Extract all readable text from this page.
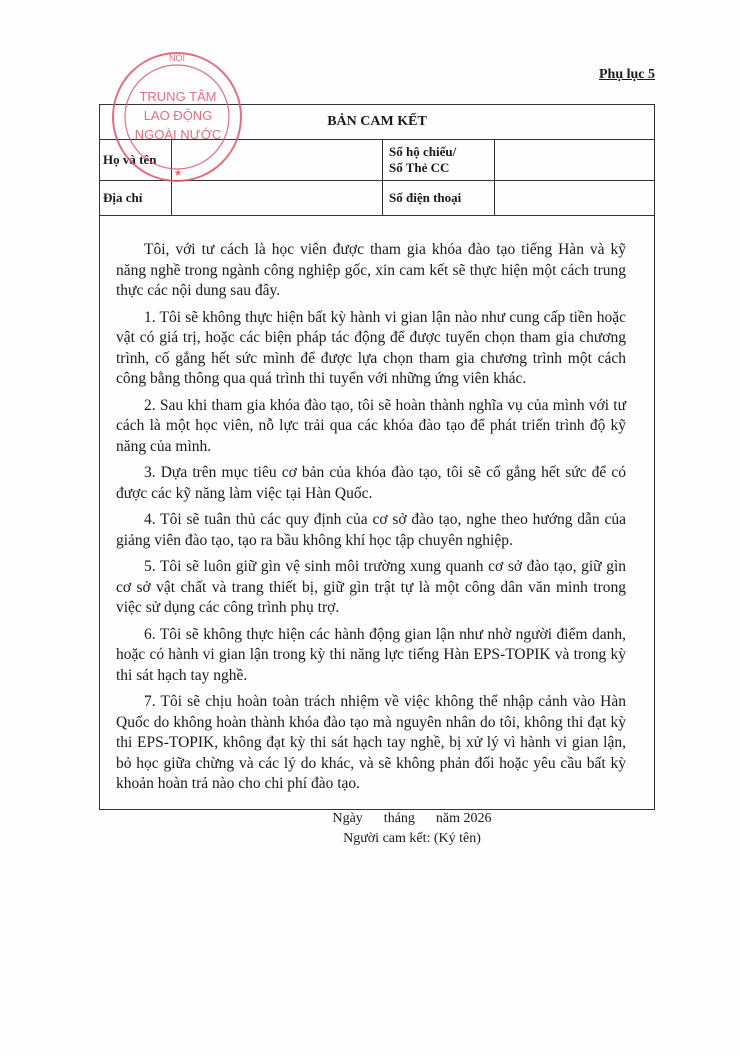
Phụ lục 5
BẢN CAM KẾT
Họ và tên
Số hộ chiếu/
Số Thẻ CC
Địa chỉ	Số điện thoại

Tôi, với tư cách là học viên được tham gia khóa đào tạo tiếng Hàn và kỹ năng nghề trong ngành công nghiệp gốc, xin cam kết sẽ thực hiện một cách trung thực các nội dung sau đây.

1. Tôi sẽ không thực hiện bất kỳ hành vi gian lận nào như cung cấp tiền hoặc vật có giá trị, hoặc các biện pháp tác động để được tuyển chọn tham gia chương trình, cố gắng hết sức mình để được lựa chọn tham gia chương trình một cách công bằng thông qua quá trình thi tuyển với những ứng viên khác.

2. Sau khi tham gia khóa đào tạo, tôi sẽ hoàn thành nghĩa vụ của mình với tư cách là một học viên, nỗ lực trải qua các khóa đào tạo để phát triển trình độ kỹ năng của mình.

3. Dựa trên mục tiêu cơ bản của khóa đào tạo, tôi sẽ cố gắng hết sức để có được các kỹ năng làm việc tại Hàn Quốc.

4. Tôi sẽ tuân thủ các quy định của cơ sở đào tạo, nghe theo hướng dẫn của giảng viên đào tạo, tạo ra bầu không khí học tập chuyên nghiệp.

5. Tôi sẽ luôn giữ gìn vệ sinh môi trường xung quanh cơ sở đào tạo, giữ gìn cơ sở vật chất và trang thiết bị, giữ gìn trật tự là một công dân văn minh trong việc sử dụng các công trình phụ trợ.

6. Tôi sẽ không thực hiện các hành động gian lận như nhờ người điểm danh, hoặc có hành vi gian lận trong kỳ thi năng lực tiếng Hàn EPS-TOPIK và trong kỳ thi sát hạch tay nghề.

7. Tôi sẽ chịu hoàn toàn trách nhiệm về việc không thể nhập cảnh vào Hàn Quốc do không hoàn thành khóa đào tạo mà nguyên nhân do tôi, không thi đạt kỳ thi EPS-TOPIK, không đạt kỳ thi sát hạch tay nghề, bị xử lý vì hành vi gian lận, bỏ học giữa chừng và các lý do khác, và sẽ không phản đối hoặc yêu cầu bất kỳ khoản hoàn trả nào cho chi phí đào tạo.

Ngày      tháng      năm 2026
Người cam kết: (Ký tên)
NỘI
TRUNG TÂM
LAO ĐỘNG
NGOÀI NƯỚC
★
